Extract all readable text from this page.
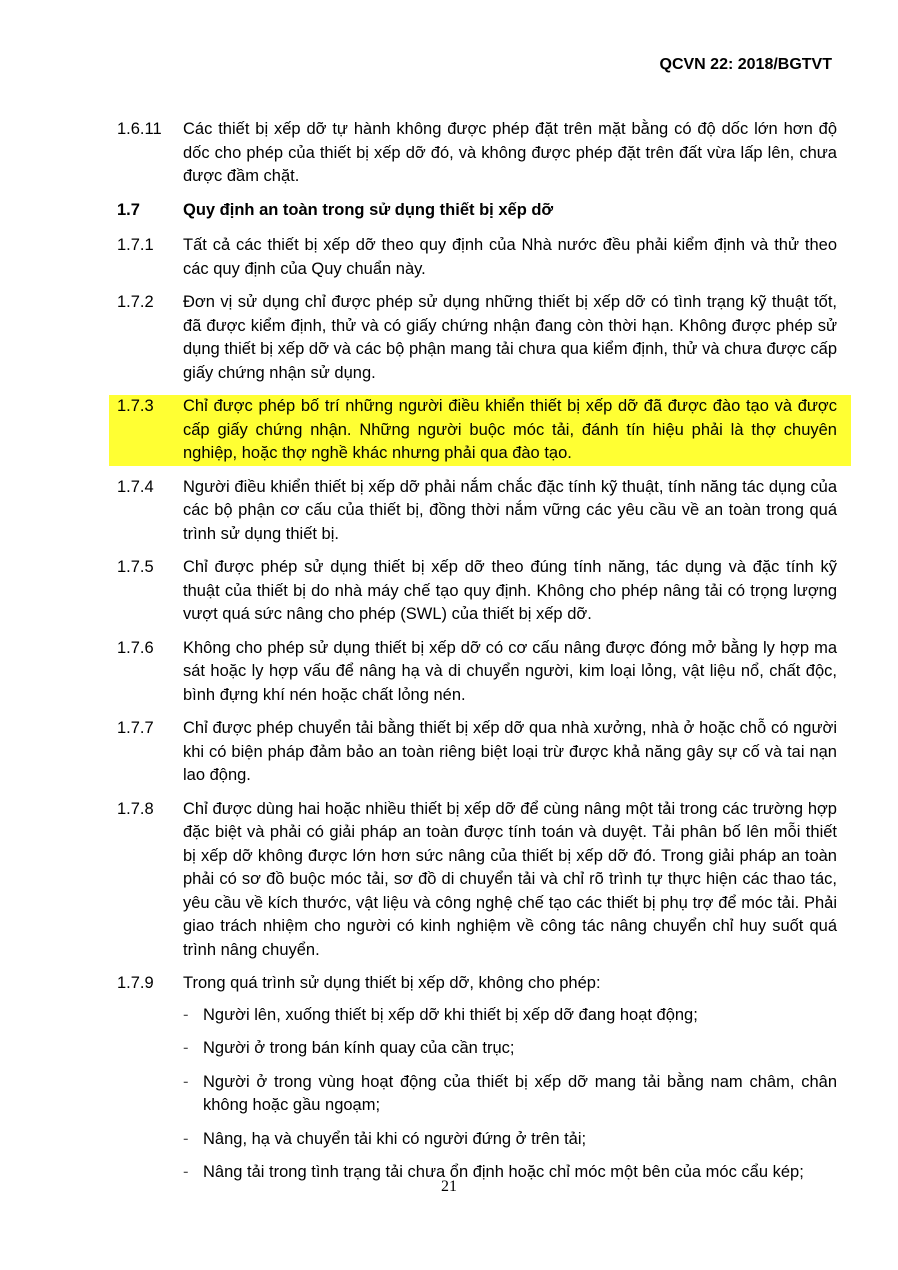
QCVN 22: 2018/BGTVT
1.6.11	Các thiết bị xếp dỡ tự hành không được phép đặt trên mặt bằng có độ dốc lớn hơn độ dốc cho phép của thiết bị xếp dỡ đó, và không được phép đặt trên đất vừa lấp lên, chưa được đầm chặt.
1.7	Quy định an toàn trong sử dụng thiết bị xếp dỡ
1.7.1	Tất cả các thiết bị xếp dỡ theo quy định của Nhà nước đều phải kiểm định và thử theo các quy định của Quy chuẩn này.
1.7.2	Đơn vị sử dụng chỉ được phép sử dụng những thiết bị xếp dỡ có tình trạng kỹ thuật tốt, đã được kiểm định, thử và có giấy chứng nhận đang còn thời hạn. Không được phép sử dụng thiết bị xếp dỡ và các bộ phận mang tải chưa qua kiểm định, thử và chưa được cấp giấy chứng nhận sử dụng.
1.7.3	Chỉ được phép bố trí những người điều khiển thiết bị xếp dỡ đã được đào tạo và được cấp giấy chứng nhận. Những người buộc móc tải, đánh tín hiệu phải là thợ chuyên nghiệp, hoặc thợ nghề khác nhưng phải qua đào tạo.
1.7.4	Người điều khiển thiết bị xếp dỡ phải nắm chắc đặc tính kỹ thuật, tính năng tác dụng của các bộ phận cơ cấu của thiết bị, đồng thời nắm vững các yêu cầu về an toàn trong quá trình sử dụng thiết bị.
1.7.5	Chỉ được phép sử dụng thiết bị xếp dỡ theo đúng tính năng, tác dụng và đặc tính kỹ thuật của thiết bị do nhà máy chế tạo quy định. Không cho phép nâng tải có trọng lượng vượt quá sức nâng cho phép (SWL) của thiết bị xếp dỡ.
1.7.6	Không cho phép sử dụng thiết bị xếp dỡ có cơ cấu nâng được đóng mở bằng ly hợp ma sát hoặc ly hợp vấu để nâng hạ và di chuyển người, kim loại lỏng, vật liệu nổ, chất độc, bình đựng khí nén hoặc chất lỏng nén.
1.7.7	Chỉ được phép chuyển tải bằng thiết bị xếp dỡ qua nhà xưởng, nhà ở hoặc chỗ có người khi có biện pháp đảm bảo an toàn riêng biệt loại trừ được khả năng gây sự cố và tai nạn lao động.
1.7.8	Chỉ được dùng hai hoặc nhiều thiết bị xếp dỡ để cùng nâng một tải trong các trường hợp đặc biệt và phải có giải pháp an toàn được tính toán và duyệt. Tải phân bố lên mỗi thiết bị xếp dỡ không được lớn hơn sức nâng của thiết bị xếp dỡ đó. Trong giải pháp an toàn phải có sơ đồ buộc móc tải, sơ đồ di chuyển tải và chỉ rõ trình tự thực hiện các thao tác, yêu cầu về kích thước, vật liệu và công nghệ chế tạo các thiết bị phụ trợ để móc tải. Phải giao trách nhiệm cho người có kinh nghiệm về công tác nâng chuyển chỉ huy suốt quá trình nâng chuyển.
1.7.9	Trong quá trình sử dụng thiết bị xếp dỡ, không cho phép:
- Người lên, xuống thiết bị xếp dỡ khi thiết bị xếp dỡ đang hoạt động;
- Người ở trong bán kính quay của cần trục;
- Người ở trong vùng hoạt động của thiết bị xếp dỡ mang tải bằng nam châm, chân không hoặc gầu ngoạm;
- Nâng, hạ và chuyển tải khi có người đứng ở trên tải;
- Nâng tải trong tình trạng tải chưa ổn định hoặc chỉ móc một bên của móc cẩu kép;
21
